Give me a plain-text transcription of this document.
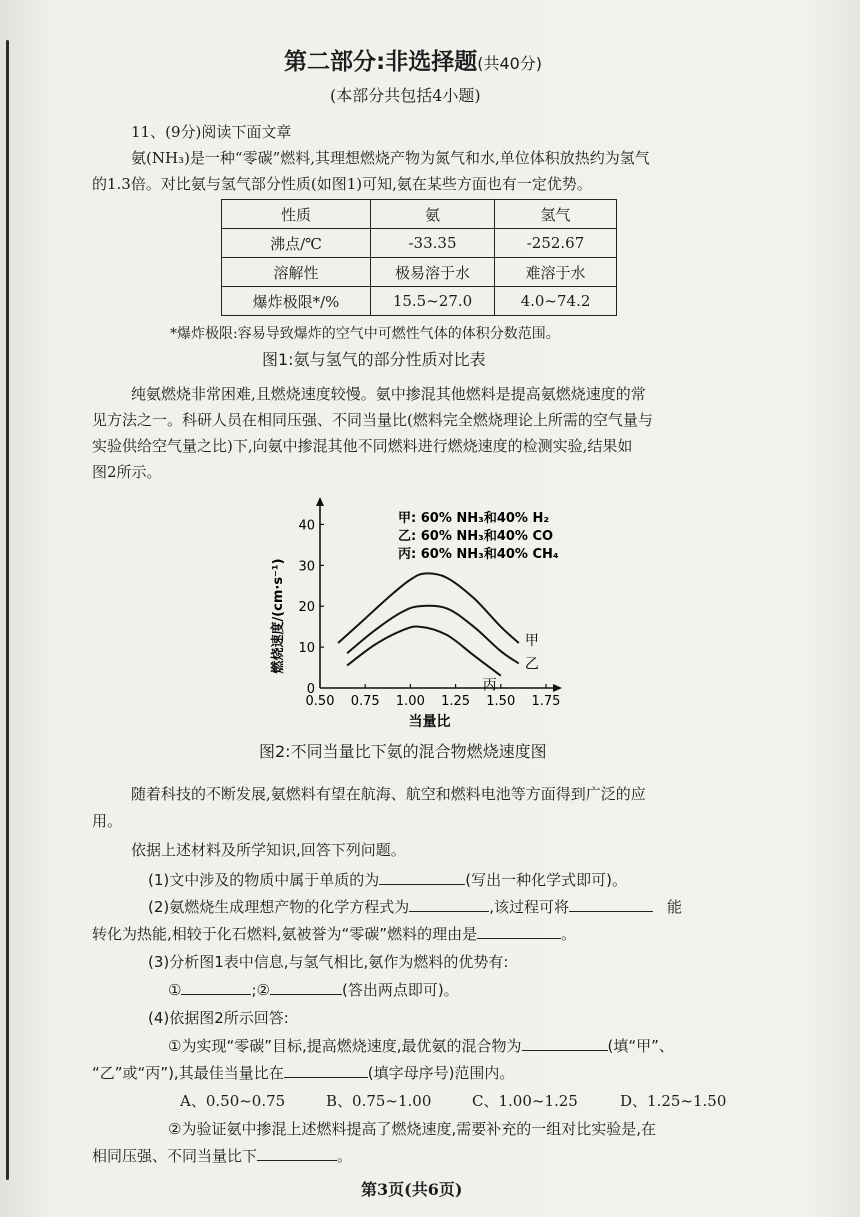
第二部分:非选择题(共40分)
(本部分共包括4小题)
11、(9分)阅读下面文章
氨(NH₃)是一种“零碳”燃料,其理想燃烧产物为氮气和水,单位体积放热约为氢气
的1.3倍。对比氨与氢气部分性质(如图1)可知,氨在某些方面也有一定优势。
性质	氨	氢气
沸点/℃	-33.35	-252.67
溶解性	极易溶于水	难溶于水
爆炸极限*/%	15.5~27.0	4.0~74.2
*爆炸极限:容易导致爆炸的空气中可燃性气体的体积分数范围。
图1:氨与氢气的部分性质对比表
纯氨燃烧非常困难,且燃烧速度较慢。氨中掺混其他燃料是提高氨燃烧速度的常
见方法之一。科研人员在相同压强、不同当量比(燃料完全燃烧理论上所需的空气量与
实验供给空气量之比)下,向氨中掺混其他不同燃料进行燃烧速度的检测实验,结果如
图2所示。
0.50 0.75 1.00 1.25 1.50 1.75
0
10
20
30
40
当量比
燃烧速度/(cm·s⁻¹)	甲
乙
丙
甲: 60% NH₃和40% H₂
乙: 60% NH₃和40% CO
丙: 60% NH₃和40% CH₄
图2:不同当量比下氨的混合物燃烧速度图
随着科技的不断发展,氨燃料有望在航海、航空和燃料电池等方面得到广泛的应
用。
依据上述材料及所学知识,回答下列问题。
(1)文中涉及的物质中属于单质的为	(写出一种化学式即可)。
(2)氨燃烧生成理想产物的化学方程式为	,该过程可将	能
转化为热能,相较于化石燃料,氨被誉为“零碳”燃料的理由是	。
(3)分析图1表中信息,与氢气相比,氨作为燃料的优势有:
①	;②	(答出两点即可)。
(4)依据图2所示回答:
①为实现“零碳”目标,提高燃烧速度,最优氨的混合物为	(填“甲”、
“乙”或“丙”),其最佳当量比在	(填字母序号)范围内。
A、0.50~0.75	B、0.75~1.00	C、1.00~1.25	D、1.25~1.50
②为验证氨中掺混上述燃料提高了燃烧速度,需要补充的一组对比实验是,在
相同压强、不同当量比下	。
第3页(共6页)
